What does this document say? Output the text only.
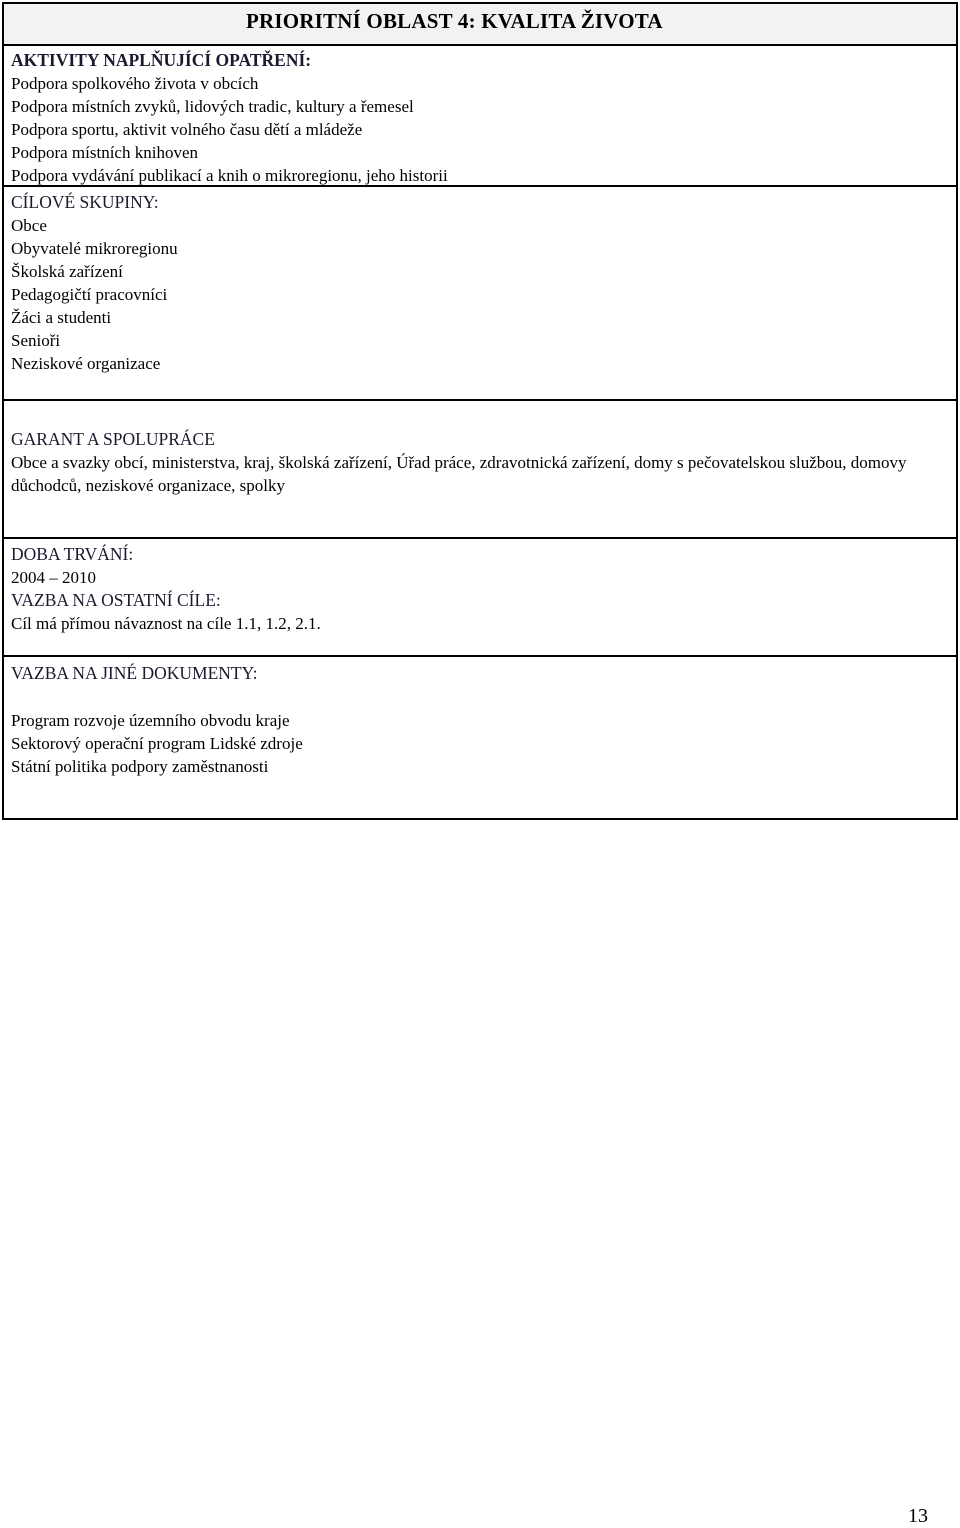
PRIORITNÍ OBLAST 4: KVALITA ŽIVOTA
AKTIVITY NAPLŇUJÍCÍ OPATŘENÍ:
Podpora spolkového života v obcích
Podpora místních zvyků, lidových tradic, kultury a řemesel
Podpora sportu, aktivit volného času dětí a mládeže
Podpora místních knihoven
Podpora vydávání publikací a knih o mikroregionu, jeho historii
CÍLOVÉ SKUPINY:
Obce
Obyvatelé mikroregionu
Školská zařízení
Pedagogičtí pracovníci
Žáci a studenti
Senioři
Neziskové organizace
GARANT A SPOLUPRÁCE
Obce a svazky obcí, ministerstva, kraj, školská zařízení, Úřad práce, zdravotnická zařízení, domy s pečovatelskou službou, domovy důchodců, neziskové organizace, spolky
DOBA TRVÁNÍ:
2004 – 2010
VAZBA NA OSTATNÍ CÍLE:
Cíl má přímou návaznost na cíle 1.1, 1.2, 2.1.
VAZBA NA JINÉ DOKUMENTY:
Program rozvoje územního obvodu kraje
Sektorový operační program Lidské zdroje
Státní politika podpory zaměstnanosti
13
